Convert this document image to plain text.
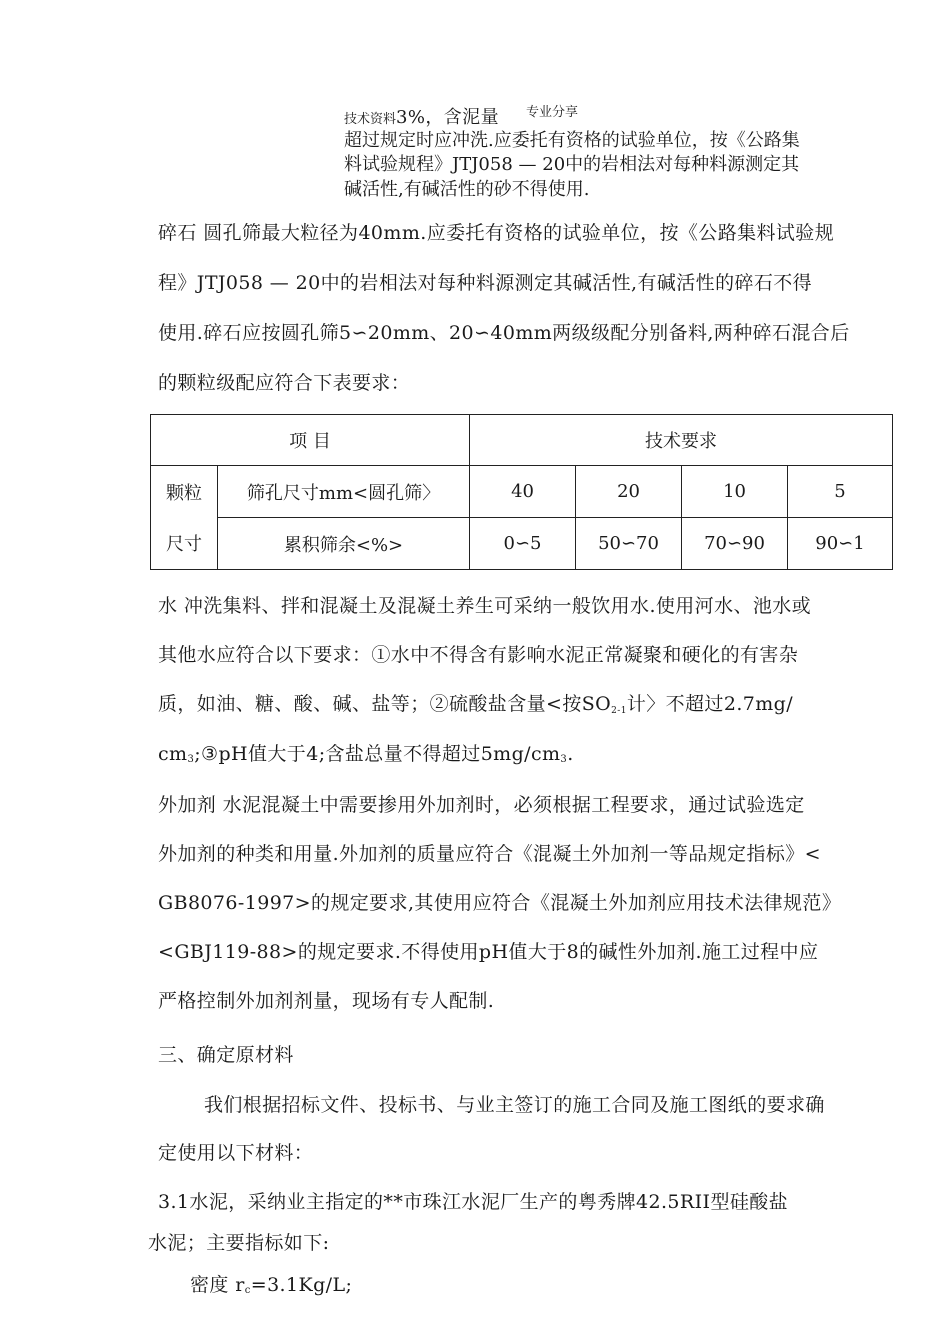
技术资料3%，含泥量 专业分享
超过规定时应冲洗.应委托有资格的试验单位，按《公路集
料试验规程》JTJ058 — 20中的岩相法对每种料源测定其
碱活性,有碱活性的砂不得使用.
碎石 圆孔筛最大粒径为40mm.应委托有资格的试验单位，按《公路集料试验规
程》JTJ058 — 20中的岩相法对每种料源测定其碱活性,有碱活性的碎石不得
使用.碎石应按圆孔筛5∽20mm、20∽40mm两级级配分别备料,两种碎石混合后
的颗粒级配应符合下表要求：
项 目		技术要求			
颗粒	筛孔尺寸mm<圆孔筛〉	40	20	10	5
尺寸	累积筛余<%>	0∽5	50∽70	70∽90	90∽1
水 冲洗集料、拌和混凝土及混凝土养生可采纳一般饮用水.使用河水、池水或
其他水应符合以下要求：①水中不得含有影响水泥正常凝聚和硬化的有害杂
质，如油、糖、酸、碱、盐等；②硫酸盐含量<按$SO_{2-1}$计〉不超过2.7mg/
$cm_3;③pH$值大于4;含盐总量不得超过$5mg/cm_3$.
外加剂 水泥混凝土中需要掺用外加剂时，必须根据工程要求，通过试验选定
外加剂的种类和用量.外加剂的质量应符合《混凝土外加剂一等品规定指标》<
GB8076-1997>的规定要求,其使用应符合《混凝土外加剂应用技术法律规范》
<GBJ119-88>的规定要求.不得使用pH值大于8的碱性外加剂.施工过程中应
严格控制外加剂剂量，现场有专人配制.
三、确定原材料
我们根据招标文件、投标书、与业主签订的施工合同及施工图纸的要求确
定使用以下材料：
3.1水泥，采纳业主指定的**市珠江水泥厂生产的粤秀牌42.5RII型硅酸盐
水泥；主要指标如下:
密度 $r_c=3.1Kg/L$;
